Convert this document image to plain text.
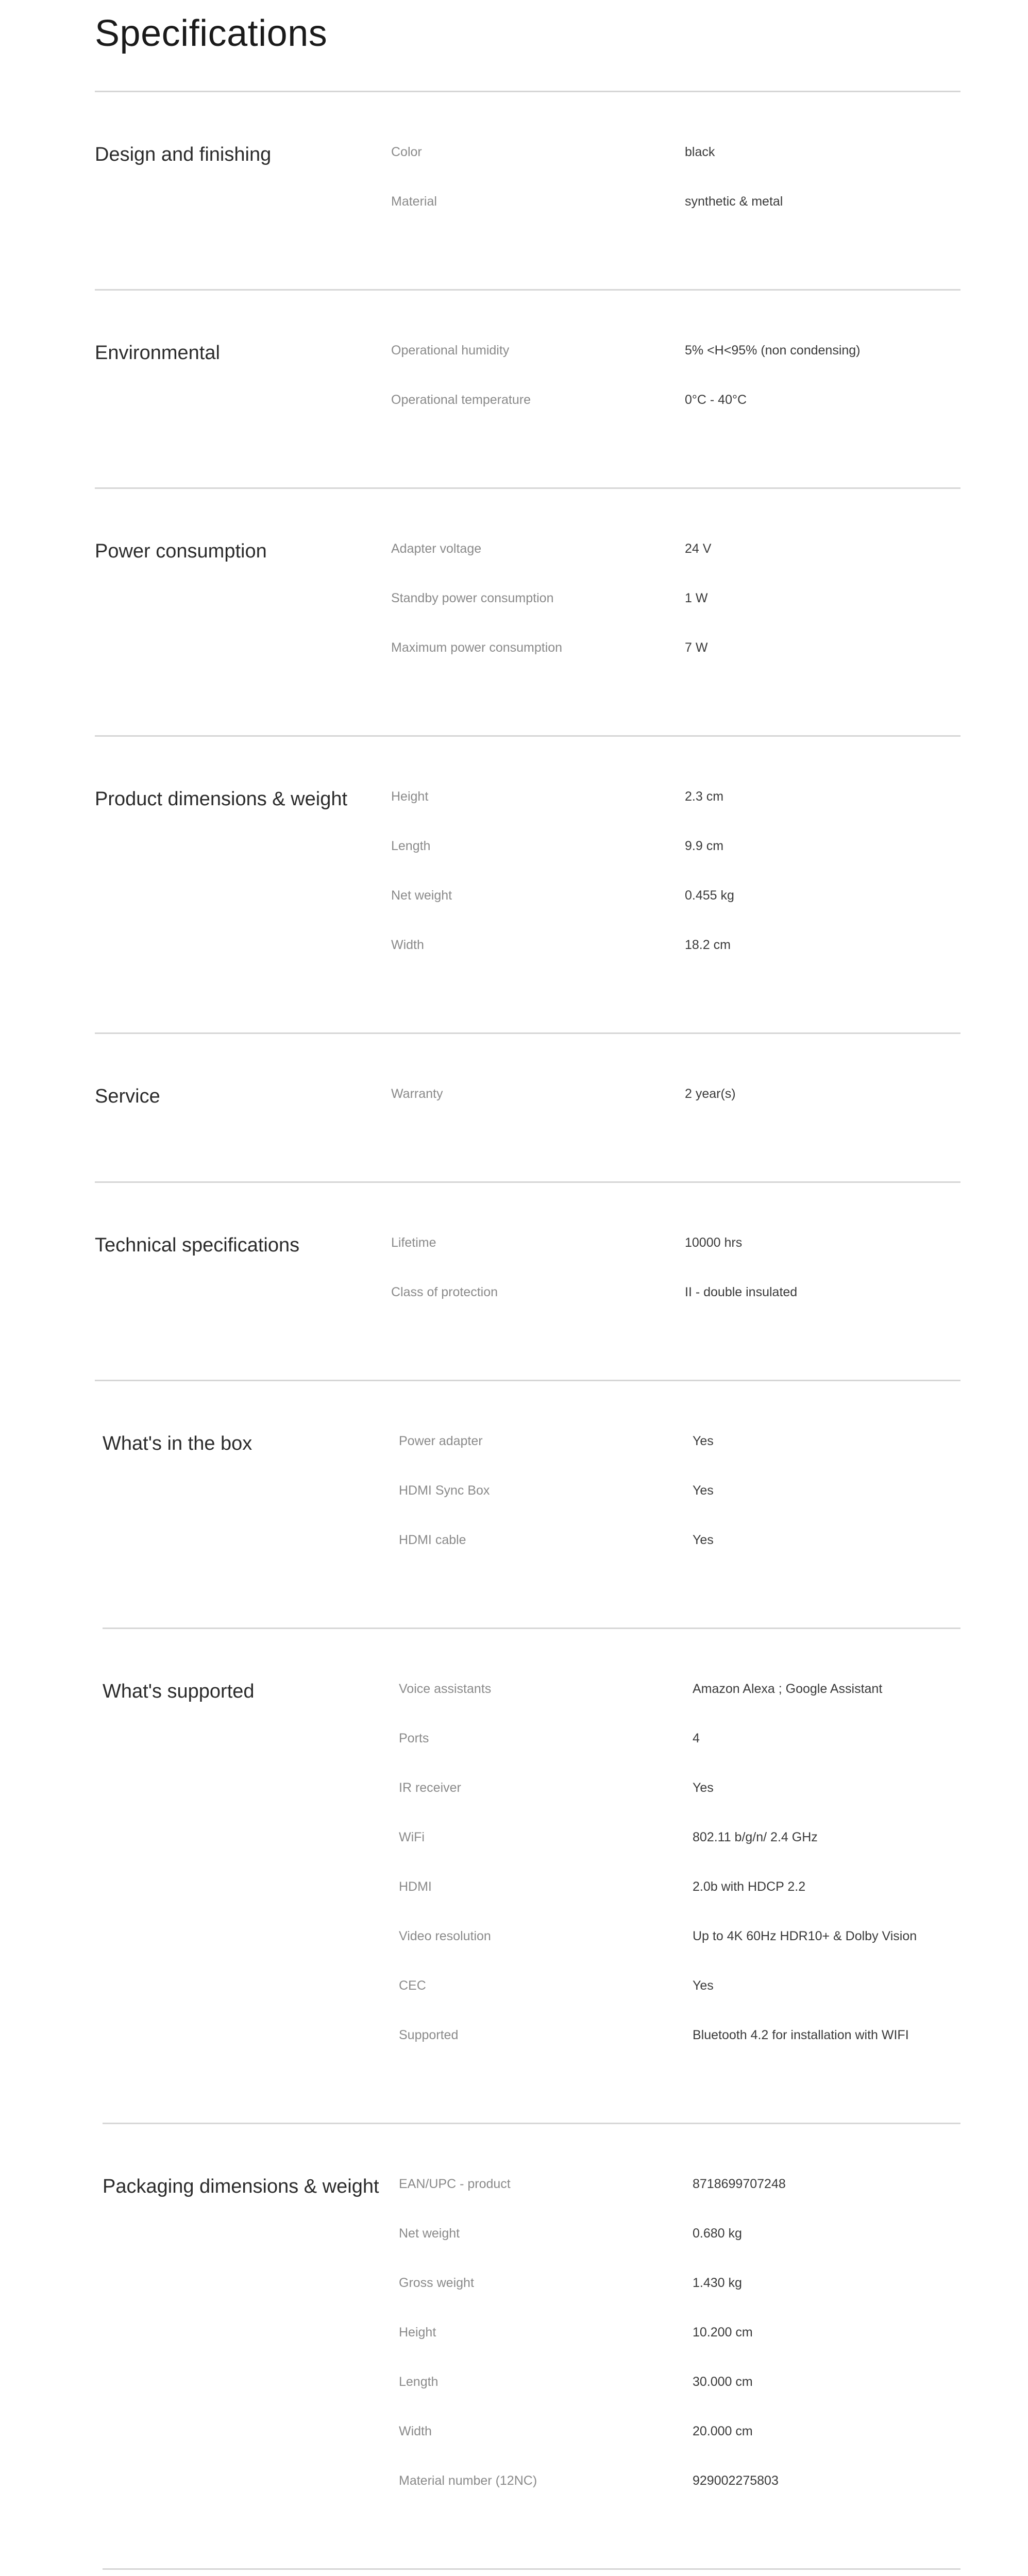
Specifications
Design and finishing	Color	black
Material	synthetic & metal
Environmental	Operational humidity	5% <H<95% (non condensing)
Operational temperature	0°C - 40°C
Power consumption	Adapter voltage	24 V
Standby power consumption	1 W
Maximum power consumption	7 W
Product dimensions & weight	Height	2.3 cm
Length	9.9 cm
Net weight	0.455 kg
Width	18.2 cm
Service	Warranty	2 year(s)
Technical specifications	Lifetime	10000 hrs
Class of protection	II - double insulated
What's in the box	Power adapter	Yes
HDMI Sync Box	Yes
HDMI cable	Yes
What's supported	Voice assistants	Amazon Alexa ; Google Assistant
Ports	4
IR receiver	Yes
WiFi	802.11 b/g/n/ 2.4 GHz
HDMI	2.0b with HDCP 2.2
Video resolution	Up to 4K 60Hz HDR10+ & Dolby Vision
CEC	Yes
Supported	Bluetooth 4.2 for installation with WIFI
Packaging dimensions & weight	EAN/UPC - product	8718699707248
Net weight	0.680 kg
Gross weight	1.430 kg
Height	10.200 cm
Length	30.000 cm
Width	20.000 cm
Material number (12NC)	929002275803
